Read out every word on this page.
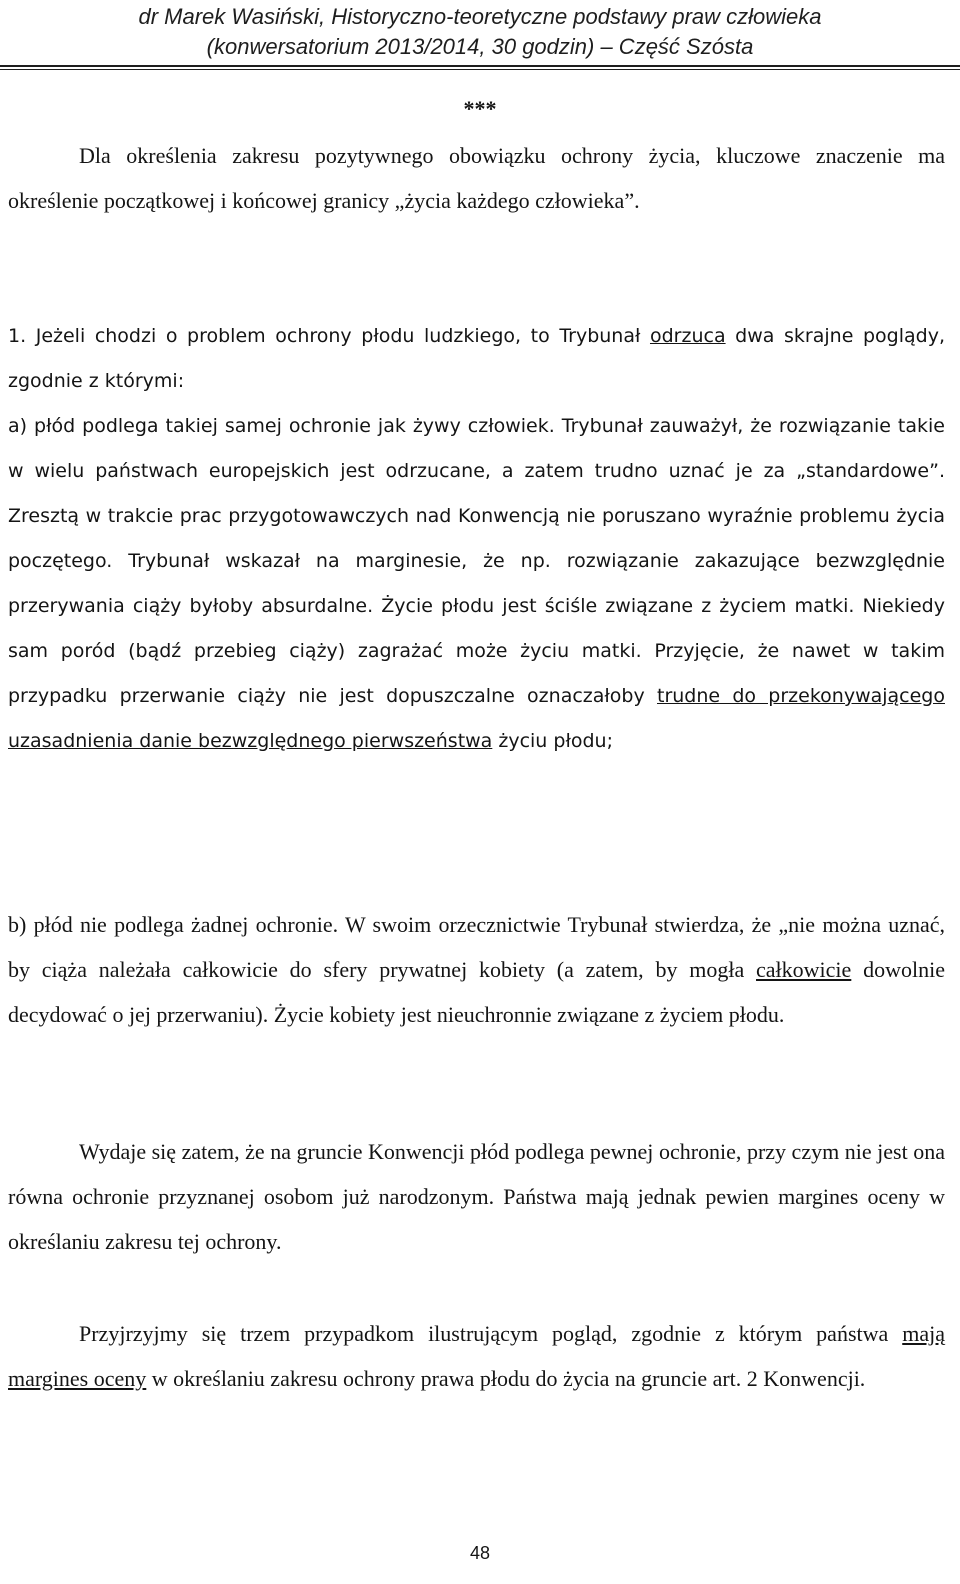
dr Marek Wasiński, Historyczno-teoretyczne podstawy praw człowieka
(konwersatorium 2013/2014, 30 godzin) – Część Szósta
***
Dla określenia zakresu pozytywnego obowiązku ochrony życia, kluczowe znaczenie ma określenie początkowej i końcowej granicy „życia każdego człowieka”.
1. Jeżeli chodzi o problem ochrony płodu ludzkiego, to Trybunał odrzuca dwa skrajne poglądy, zgodnie z którymi:
a) płód podlega takiej samej ochronie jak żywy człowiek. Trybunał zauważył, że rozwiązanie takie w wielu państwach europejskich jest odrzucane, a zatem trudno uznać je za „standardowe”. Zresztą w trakcie prac przygotowawczych nad Konwencją nie poruszano wyraźnie problemu życia poczętego. Trybunał wskazał na marginesie, że np. rozwiązanie zakazujące bezwzględnie przerywania ciąży byłoby absurdalne. Życie płodu jest ściśle związane z życiem matki. Niekiedy sam poród (bądź przebieg ciąży) zagrażać może życiu matki. Przyjęcie, że nawet w takim przypadku przerwanie ciąży nie jest dopuszczalne oznaczałoby trudne do przekonywającego uzasadnienia danie bezwzględnego pierwszeństwa życiu płodu;
b) płód nie podlega żadnej ochronie. W swoim orzecznictwie Trybunał stwierdza, że „nie można uznać, by ciąża należała całkowicie do sfery prywatnej kobiety (a zatem, by mogła całkowicie dowolnie decydować o jej przerwaniu). Życie kobiety jest nieuchronnie związane z życiem płodu.
Wydaje się zatem, że na gruncie Konwencji płód podlega pewnej ochronie, przy czym nie jest ona równa ochronie przyznanej osobom już narodzonym. Państwa mają jednak pewien margines oceny w określaniu zakresu tej ochrony.
Przyjrzyjmy się trzem przypadkom ilustrującym pogląd, zgodnie z którym państwa mają margines oceny w określaniu zakresu ochrony prawa płodu do życia na gruncie art. 2 Konwencji.
48
